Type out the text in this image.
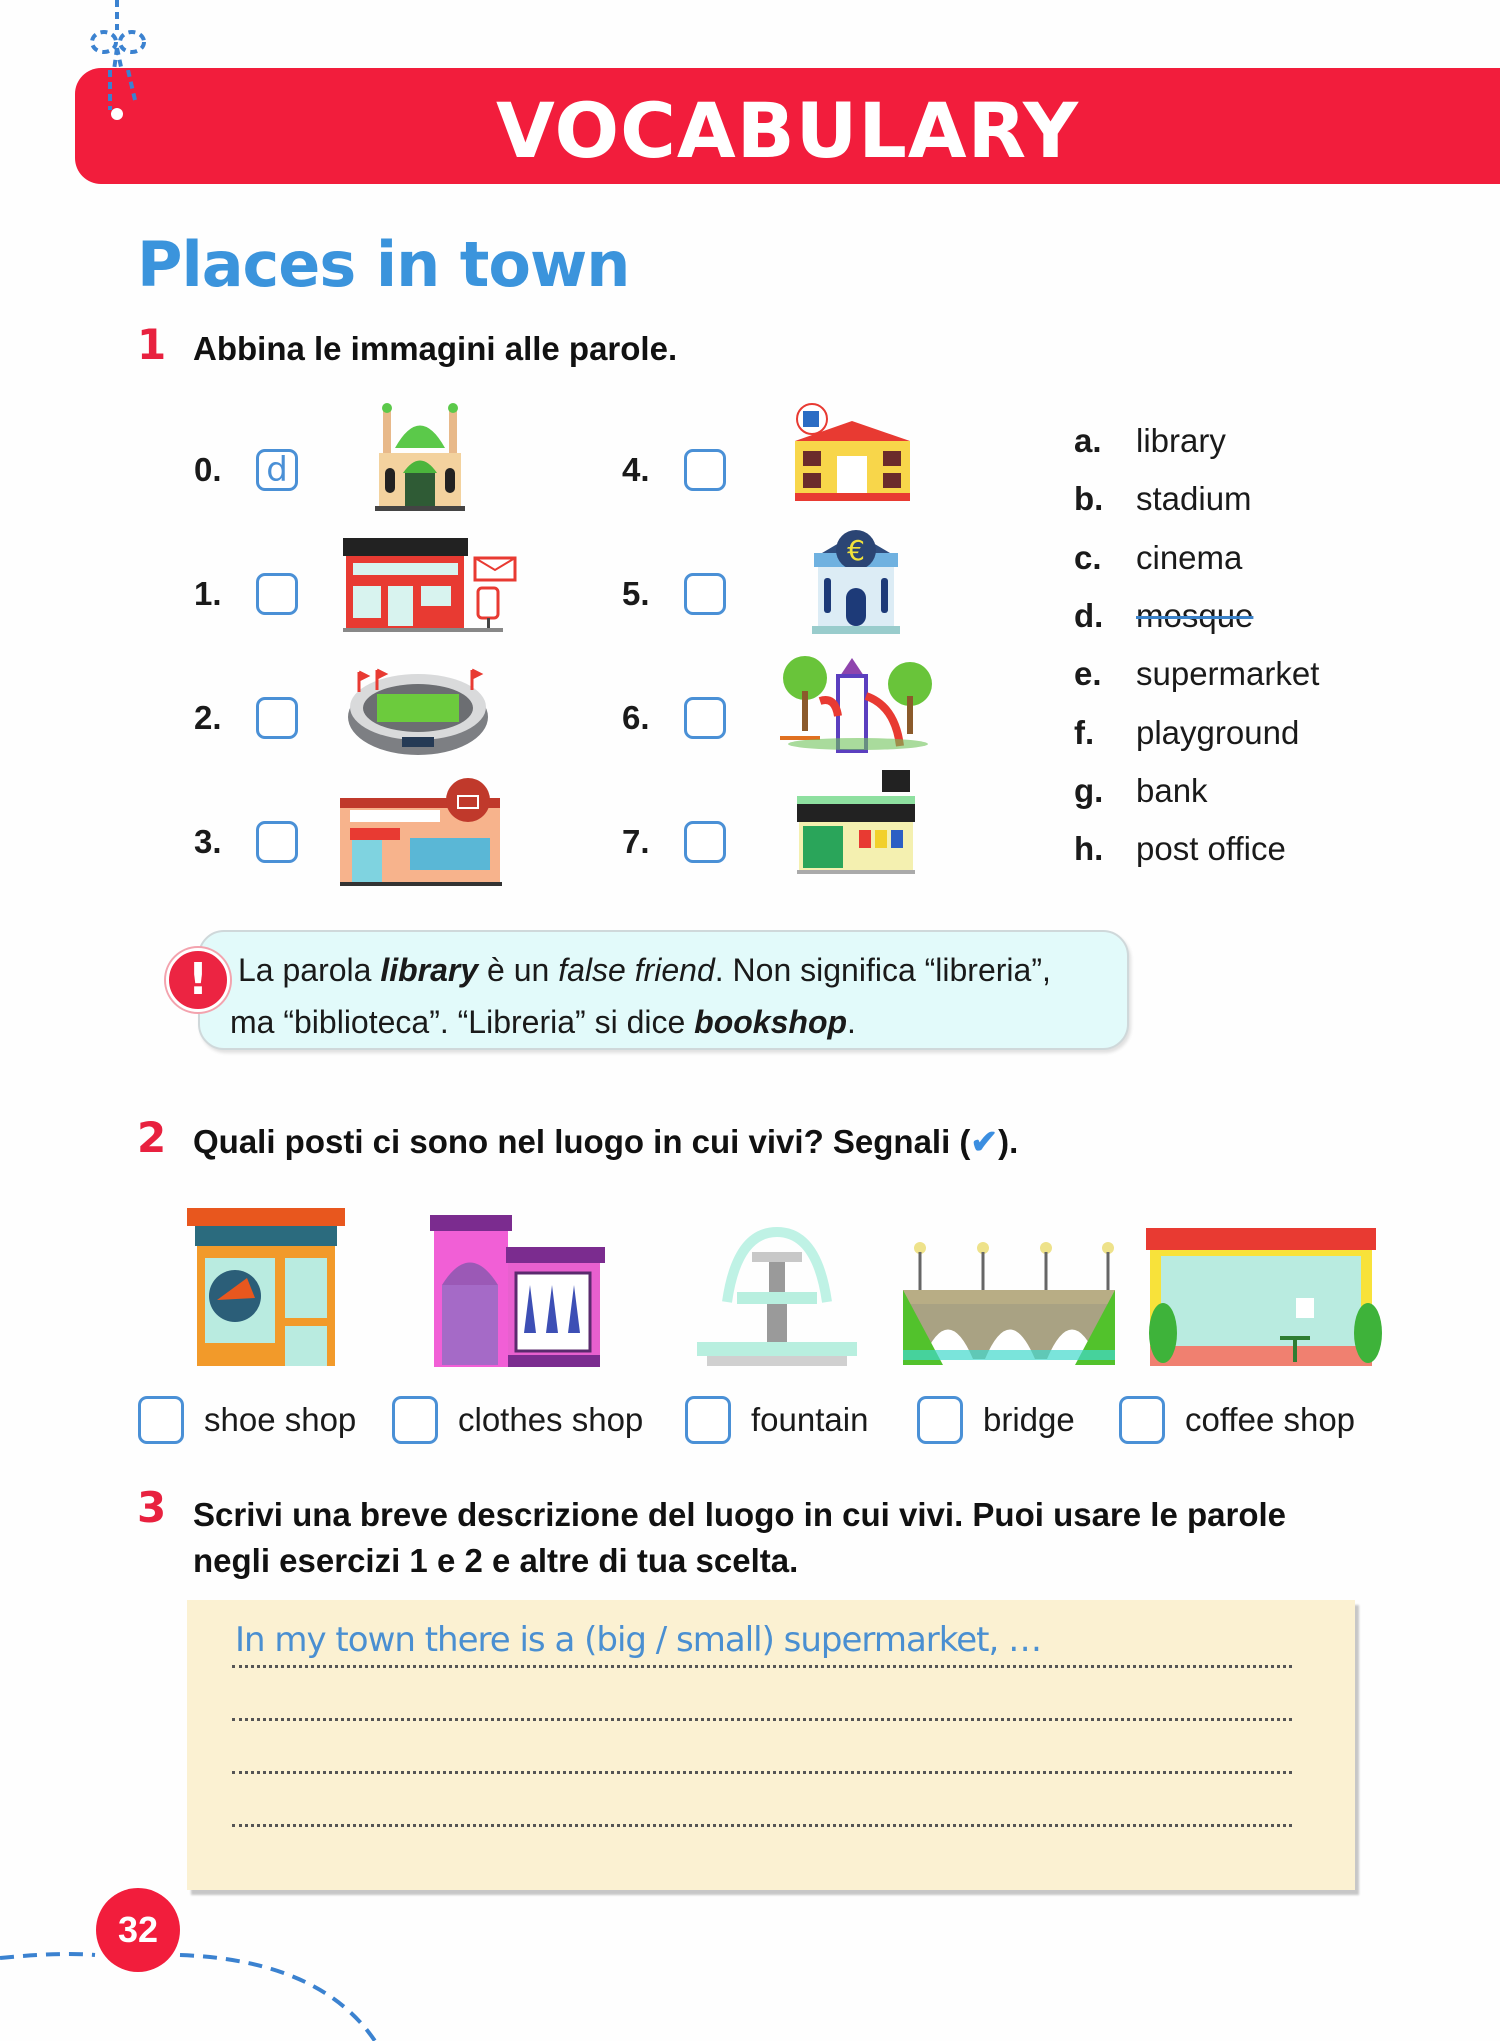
VOCABULARY
Places in town
1 Abbina le immagini alle parole.
0.	d
1.
2.
3.
4.
5.
6.
7.
€
a.	library
b. stadium
c.	cinema
d. mosque
e.	supermarket
f.	playground
g. bank
h. post office
La parola library è un false friend. Non significa “libreria”,
ma “biblioteca”. “Libreria” si dice bookshop.
!
2 Quali posti ci sono nel luogo in cui vivi? Segnali (✔).
shoe shop	clothes shop	fountain	bridge	coffee shop
3 Scrivi una breve descrizione del luogo in cui vivi. Puoi usare le parole
negli esercizi 1 e 2 e altre di tua scelta.
In my town there is a (big / small) supermarket, …
32
